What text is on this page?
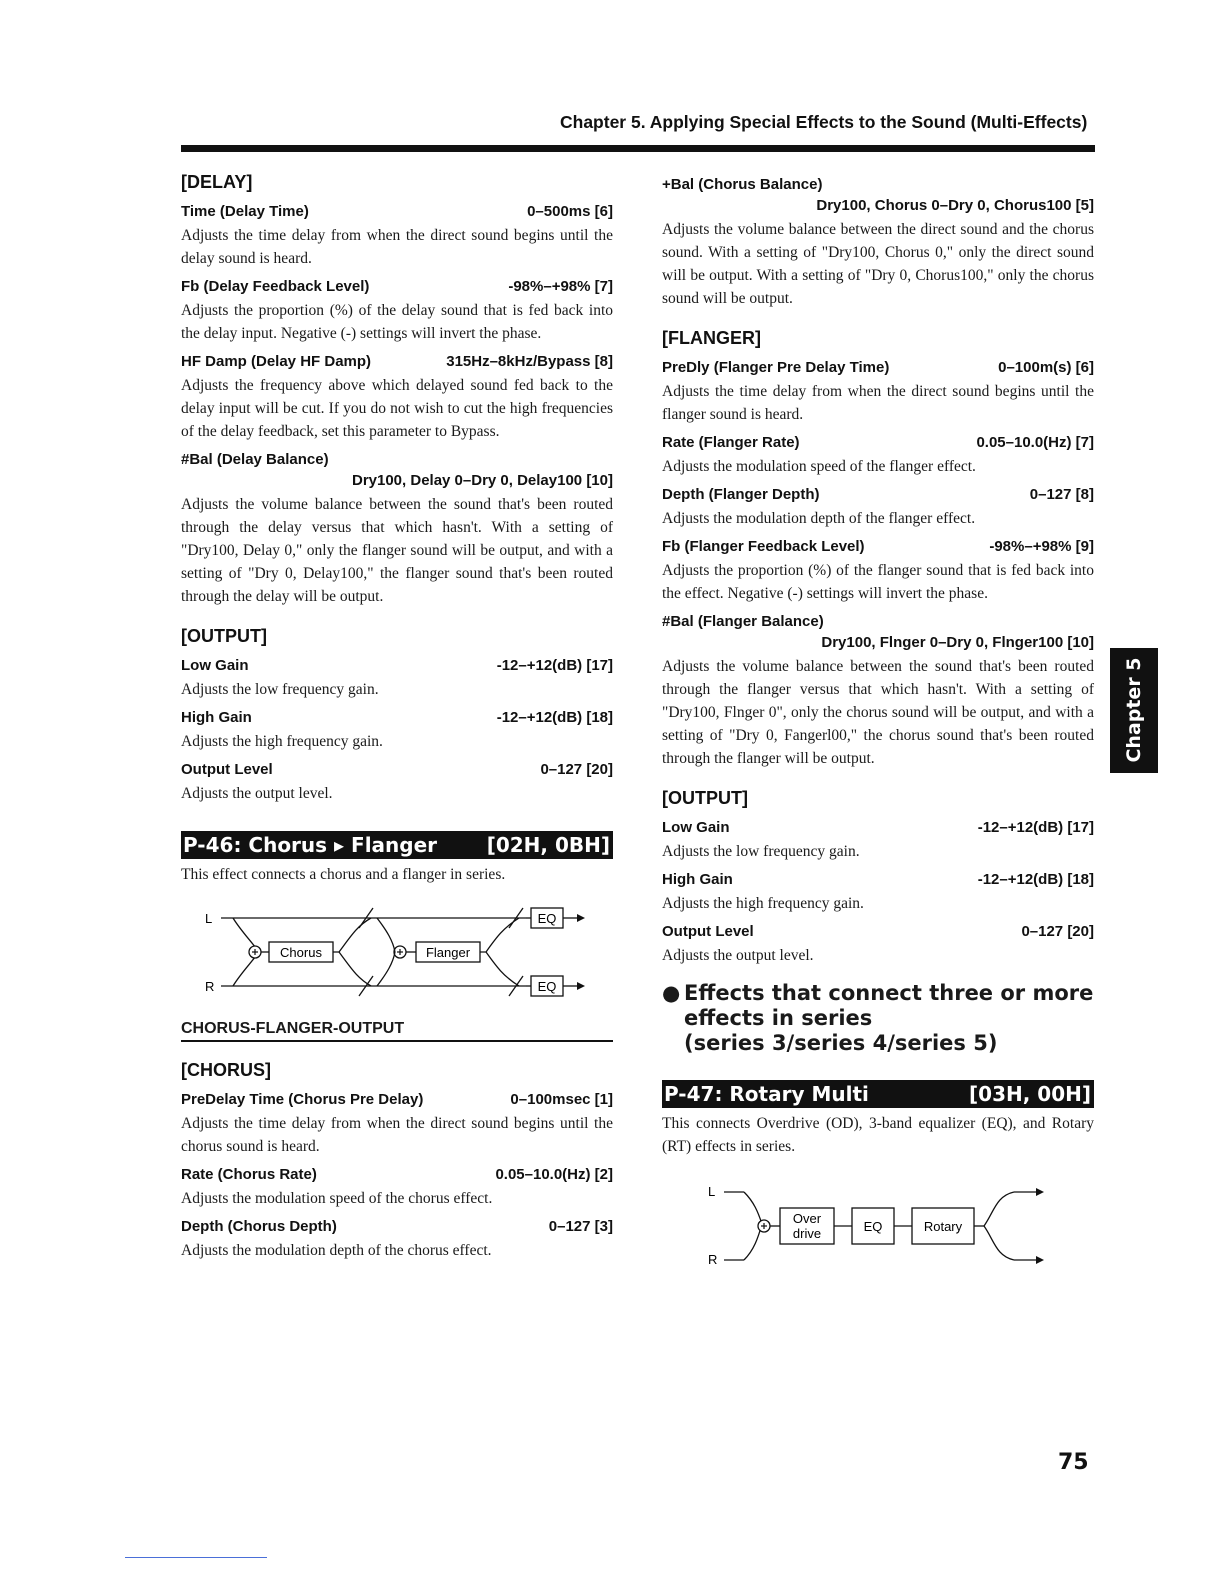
Chapter 5. Applying Special Effects to the Sound (Multi-Effects)
[DELAY]
Time (Delay Time)	0–500ms [6]
Adjusts the time delay from when the direct sound begins until the delay sound is heard.
Fb (Delay Feedback Level)	-98%–+98% [7]
Adjusts the proportion (%) of the delay sound that is fed back into the delay input. Negative (-) settings will invert the phase.
HF Damp (Delay HF Damp)	315Hz–8kHz/Bypass [8]
Adjusts the frequency above which delayed sound fed back to the delay input will be cut. If you do not wish to cut the high frequencies of the delay feedback, set this parameter to Bypass.
#Bal (Delay Balance)
Dry100, Delay 0–Dry 0, Delay100 [10]
Adjusts the volume balance between the sound that's been routed through the delay versus that which hasn't. With a setting of "Dry100, Delay 0," only the flanger sound will be output, and with a setting of "Dry 0, Delay100," the flanger sound that's been routed through the delay will be output.
[OUTPUT]
Low Gain	-12–+12(dB) [17]
Adjusts the low frequency gain.
High Gain	-12–+12(dB) [18]
Adjusts the high frequency gain.
Output Level	0–127 [20]
Adjusts the output level.
P-46: Chorus ▸ Flanger [02H, 0BH]
This effect connects a chorus and a flanger in series.
L
R
Chorus	Flanger
EQ
EQ
CHORUS-FLANGER-OUTPUT
[CHORUS]
PreDelay Time (Chorus Pre Delay)	0–100msec [1]
Adjusts the time delay from when the direct sound begins until the chorus sound is heard.
Rate (Chorus Rate)	0.05–10.0(Hz) [2]
Adjusts the modulation speed of the chorus effect.
Depth (Chorus Depth)	0–127 [3]
Adjusts the modulation depth of the chorus effect.
+Bal (Chorus Balance)
Dry100, Chorus 0–Dry 0, Chorus100 [5]
Adjusts the volume balance between the direct sound and the chorus sound. With a setting of "Dry100, Chorus 0," only the direct sound will be output. With a setting of "Dry 0, Chorus100," only the chorus sound will be output.
[FLANGER]
PreDly (Flanger Pre Delay Time)	0–100m(s) [6]
Adjusts the time delay from when the direct sound begins until the flanger sound is heard.
Rate (Flanger Rate)	0.05–10.0(Hz) [7]
Adjusts the modulation speed of the flanger effect.
Depth (Flanger Depth)	0–127 [8]
Adjusts the modulation depth of the flanger effect.
Fb (Flanger Feedback Level)	-98%–+98% [9]
Adjusts the proportion (%) of the flanger sound that is fed back into the effect. Negative (-) settings will invert the phase.
#Bal (Flanger Balance)
Dry100, Flnger 0–Dry 0, Flnger100 [10]
Adjusts the volume balance between the sound that's been routed through the flanger versus that which hasn't. With a setting of "Dry100, Flnger 0", only the chorus sound will be output, and with a setting of "Dry 0, Fangerl00," the chorus sound that's been routed through the flanger will be output.
[OUTPUT]
Low Gain	-12–+12(dB) [17]
Adjusts the low frequency gain.
High Gain	-12–+12(dB) [18]
Adjusts the high frequency gain.
Output Level	0–127 [20]
Adjusts the output level.
● Effects that connect three or more
effects in series
(series 3/series 4/series 5)
P-47: Rotary Multi	[03H, 00H]
This connects Overdrive (OD), 3-band equalizer (EQ), and Rotary (RT) effects in series.
L
R
Over
drive	EQ	Rotary
Chapter 5
75
